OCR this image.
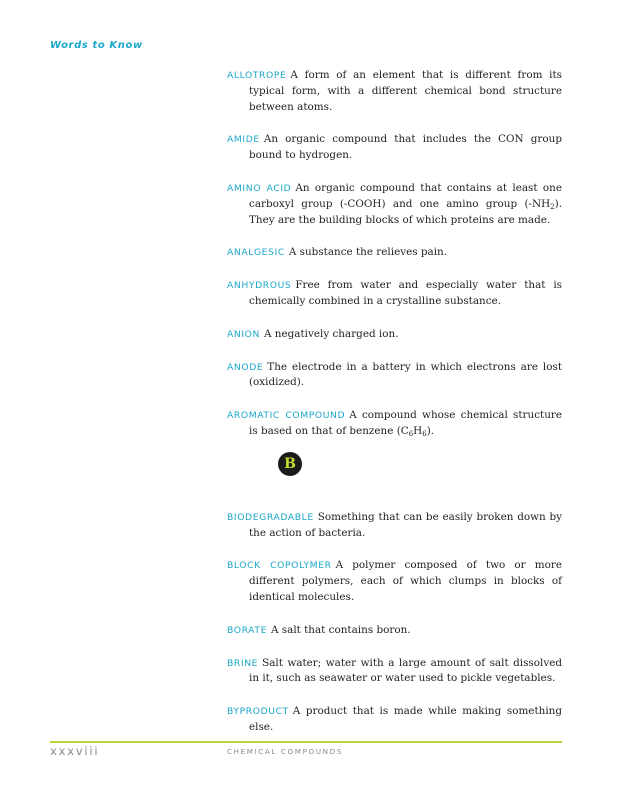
Words to Know
ALLOTROPE A form of an element that is different from its typical form, with a different chemical bond structure between atoms.
AMIDE An organic compound that includes the CON group bound to hydrogen.
AMINO ACID An organic compound that contains at least one carboxyl group (-COOH) and one amino group $(-NH_2)$. They are the building blocks of which proteins are made.
ANALGESIC A substance the relieves pain.
ANHYDROUS Free from water and especially water that is chemically combined in a crystalline substance.
ANION A negatively charged ion.
ANODE The electrode in a battery in which electrons are lost (oxidized).
AROMATIC COMPOUND A compound whose chemical structure is based on that of benzene $(C_6H_6)$.
B
BIODEGRADABLE Something that can be easily broken down by the action of bacteria.
BLOCK COPOLYMER A polymer composed of two or more different polymers, each of which clumps in blocks of identical molecules.
BORATE A salt that contains boron.
BRINE Salt water; water with a large amount of salt dissolved in it, such as seawater or water used to pickle vegetables.
BYPRODUCT A product that is made while making something else.
xxxviii	CHEMICAL COMPOUNDS
